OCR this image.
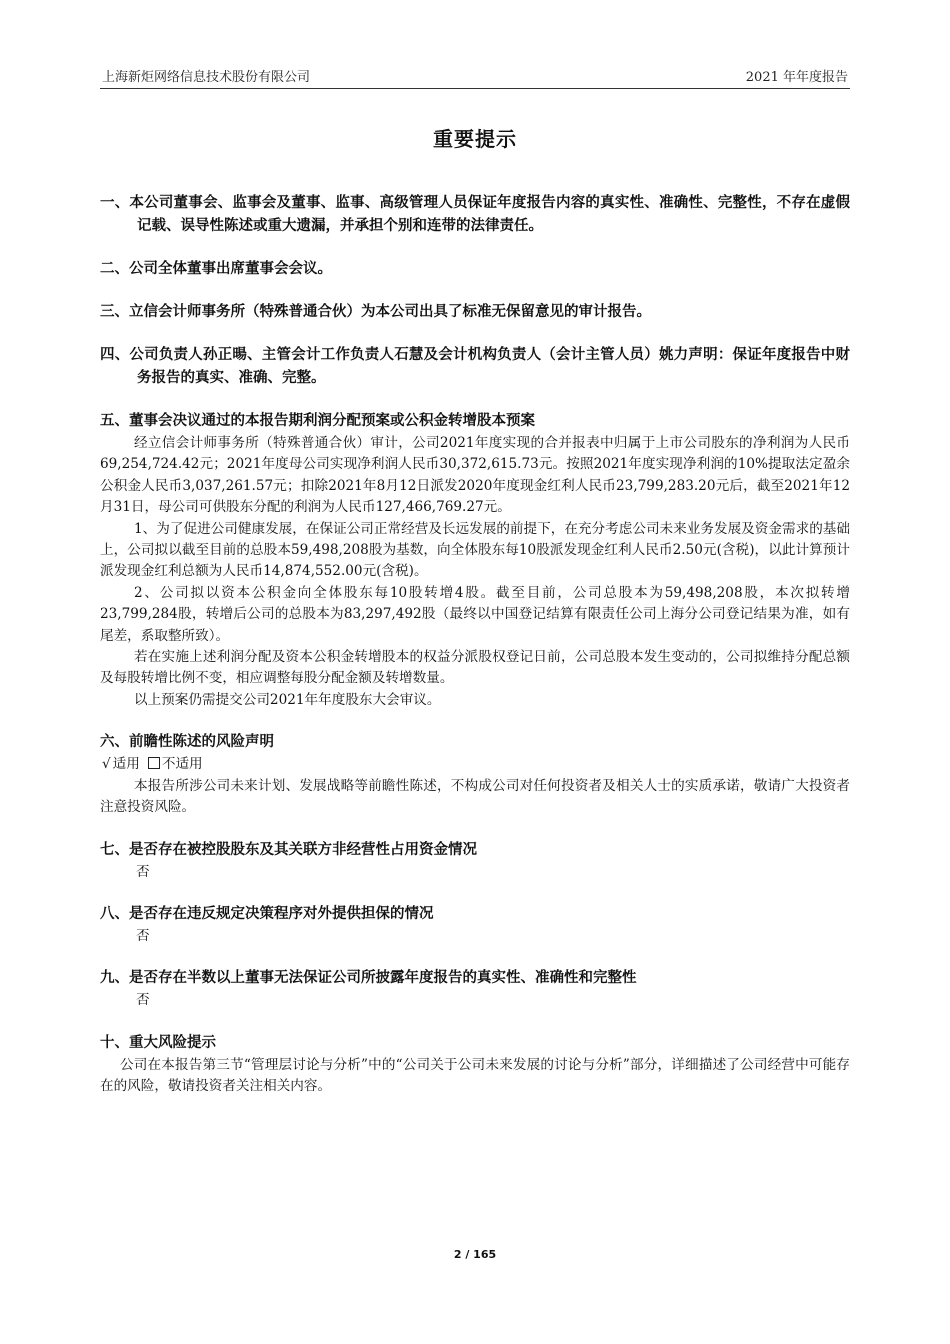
上海新炬网络信息技术股份有限公司	2021 年年度报告
重要提示
一、本公司董事会、监事会及董事、监事、高级管理人员保证年度报告内容的真实性、准确性、完整性，不存在虚假记载、误导性陈述或重大遗漏，并承担个别和连带的法律责任。
二、公司全体董事出席董事会会议。
三、立信会计师事务所（特殊普通合伙）为本公司出具了标准无保留意见的审计报告。
四、公司负责人孙正暘、主管会计工作负责人石慧及会计机构负责人（会计主管人员）姚力声明：保证年度报告中财务报告的真实、准确、完整。
五、董事会决议通过的本报告期利润分配预案或公积金转增股本预案

经立信会计师事务所（特殊普通合伙）审计，公司2021年度实现的合并报表中归属于上市公司股东的净利润为人民币69,254,724.42元；2021年度母公司实现净利润人民币30,372,615.73元。按照2021年度实现净利润的10%提取法定盈余公积金人民币3,037,261.57元；扣除2021年8月12日派发2020年度现金红利人民币23,799,283.20元后，截至2021年12月31日，母公司可供股东分配的利润为人民币127,466,769.27元。

1、为了促进公司健康发展，在保证公司正常经营及长远发展的前提下，在充分考虑公司未来业务发展及资金需求的基础上，公司拟以截至目前的总股本59,498,208股为基数，向全体股东每10股派发现金红利人民币2.50元(含税)，以此计算预计派发现金红利总额为人民币14,874,552.00元(含税)。

2、公司拟以资本公积金向全体股东每10股转增4股。截至目前，公司总股本为59,498,208股，本次拟转增23,799,284股，转增后公司的总股本为83,297,492股（最终以中国登记结算有限责任公司上海分公司登记结果为准，如有尾差，系取整所致）。

若在实施上述利润分配及资本公积金转增股本的权益分派股权登记日前，公司总股本发生变动的，公司拟维持分配总额及每股转增比例不变，相应调整每股分配金额及转增数量。

以上预案仍需提交公司2021年年度股东大会审议。

六、前瞻性陈述的风险声明
√ 适用 不适用

本报告所涉公司未来计划、发展战略等前瞻性陈述，不构成公司对任何投资者及相关人士的实质承诺，敬请广大投资者注意投资风险。

七、是否存在被控股股东及其关联方非经营性占用资金情况
否
八、是否存在违反规定决策程序对外提供担保的情况
否
九、是否存在半数以上董事无法保证公司所披露年度报告的真实性、准确性和完整性
否
十、重大风险提示

公司在本报告第三节“管理层讨论与分析”中的“公司关于公司未来发展的讨论与分析”部分，详细描述了公司经营中可能存在的风险，敬请投资者关注相关内容。

2 / 165
